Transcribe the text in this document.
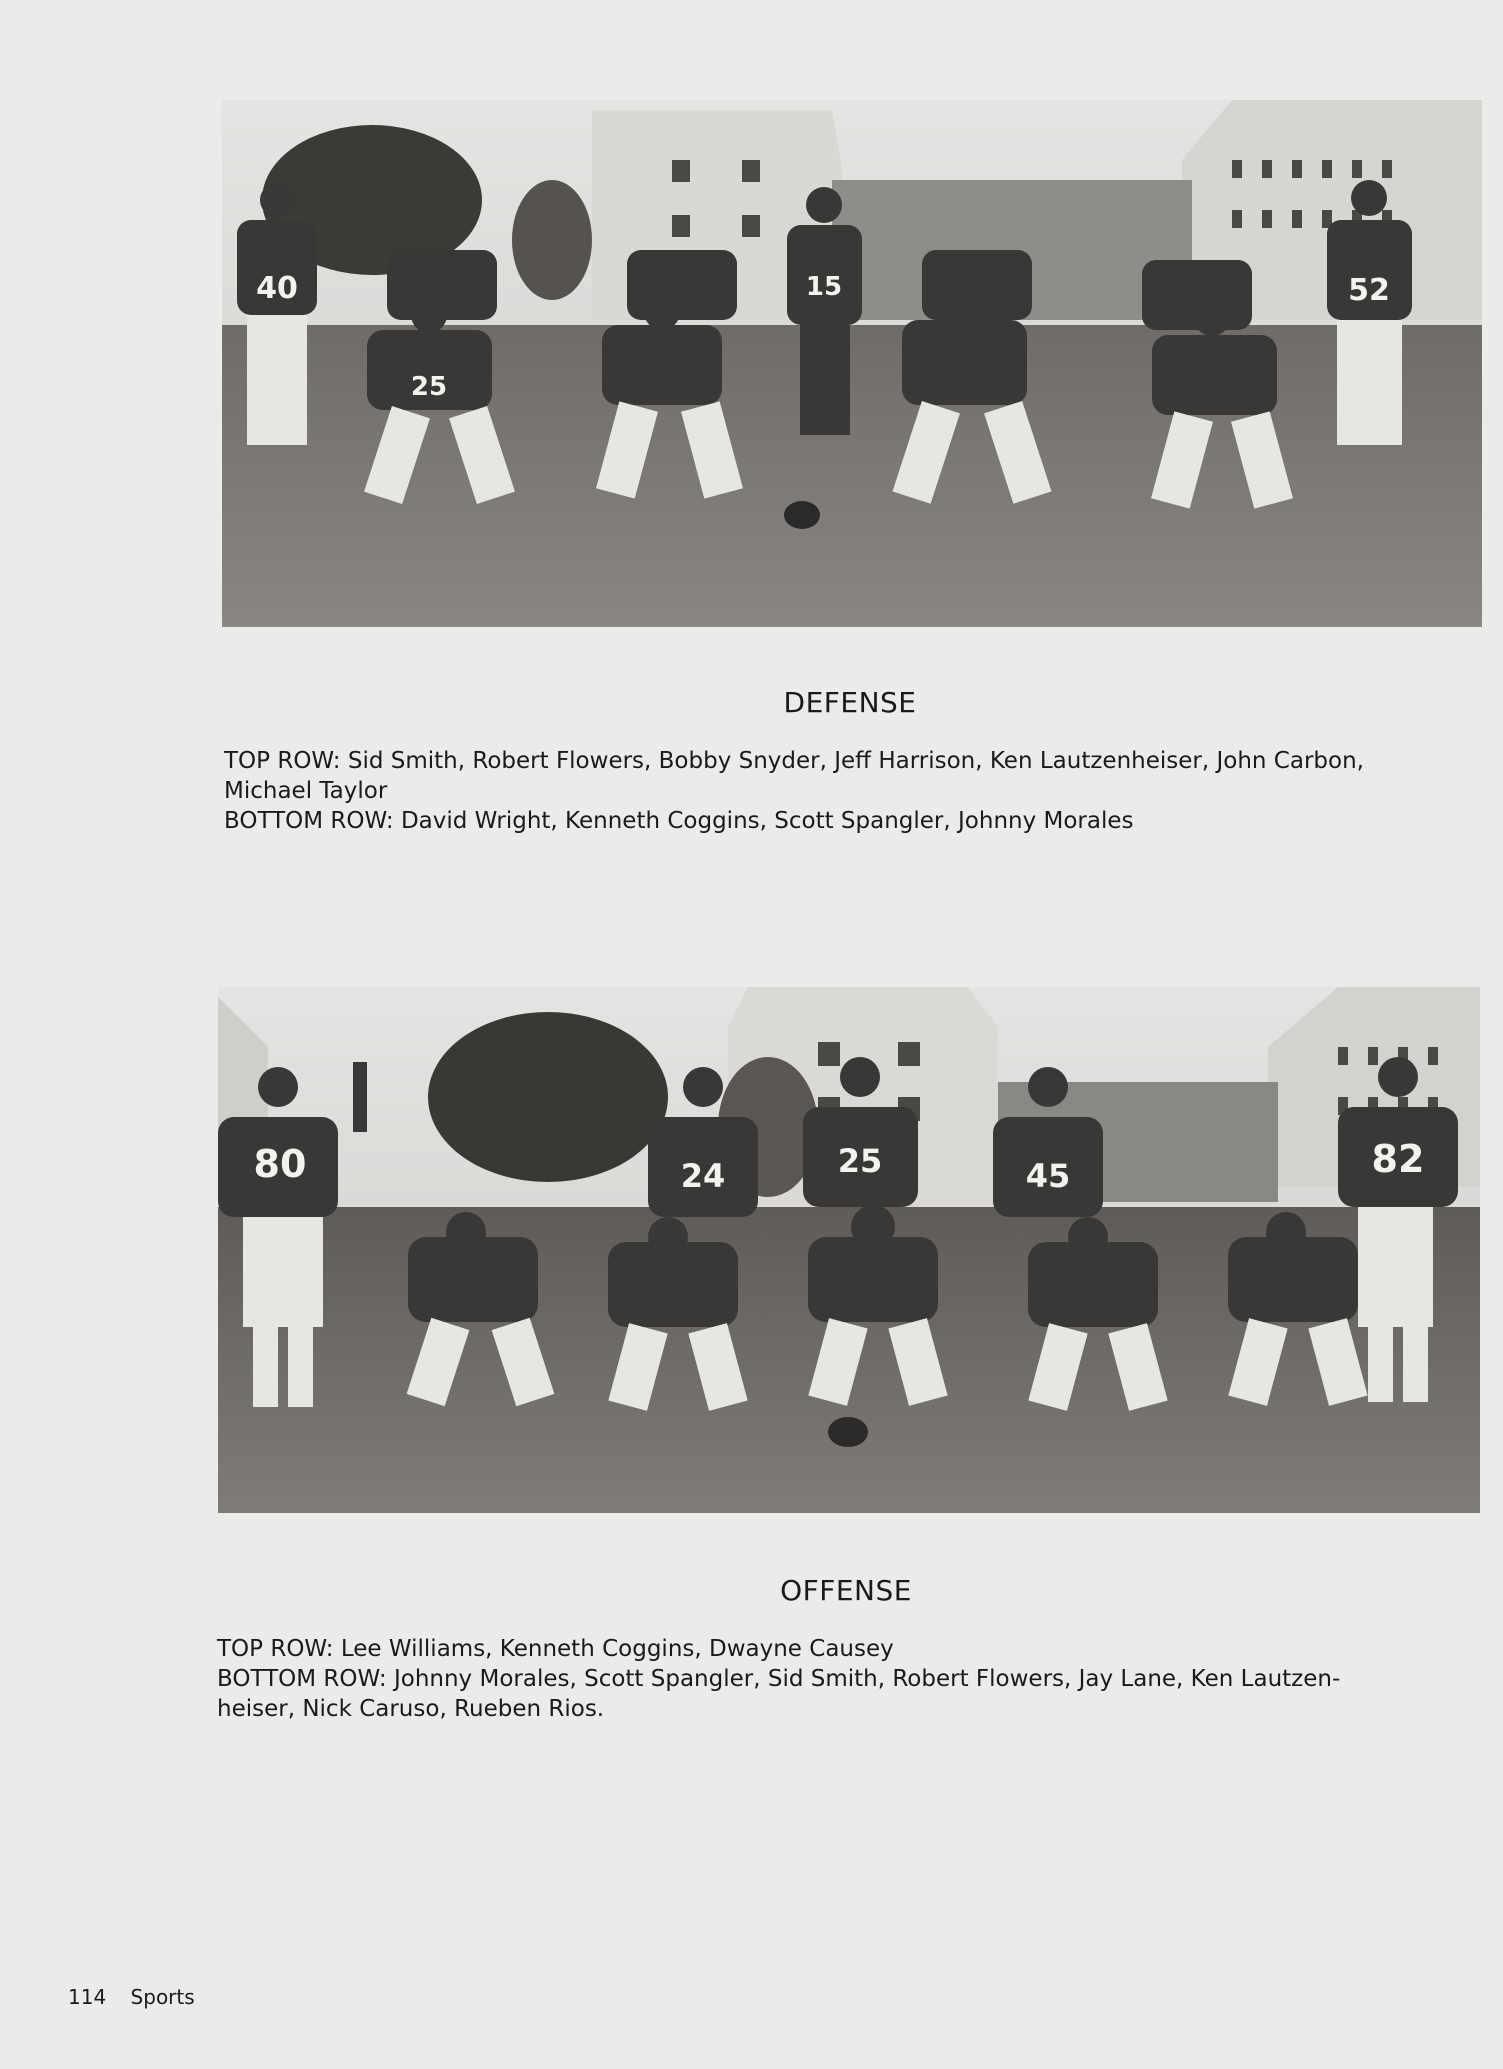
40	15	52
25
DEFENSE

TOP ROW: Sid Smith, Robert Flowers, Bobby Snyder, Jeff Harrison, Ken Lautzenheiser, John Carbon,

Michael Taylor

BOTTOM ROW: David Wright, Kenneth Coggins, Scott Spangler, Johnny Morales

80	24	25	45	82
OFFENSE

TOP ROW: Lee Williams, Kenneth Coggins, Dwayne Causey

BOTTOM ROW: Johnny Morales, Scott Spangler, Sid Smith, Robert Flowers, Jay Lane, Ken Lautzen-

heiser, Nick Caruso, Rueben Rios.

114 Sports
